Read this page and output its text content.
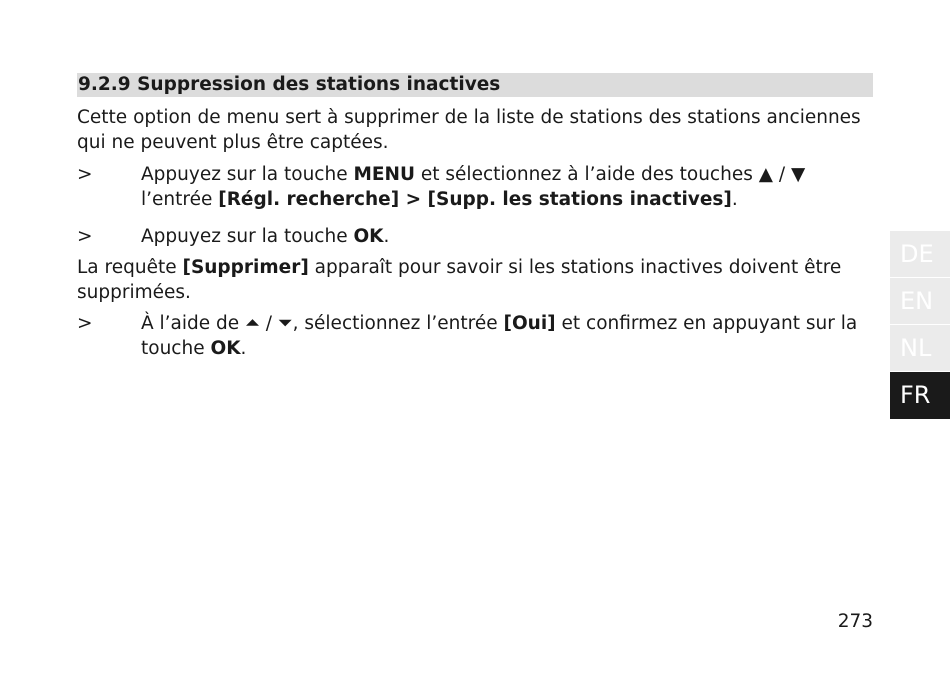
9.2.9 Suppression des stations inactives

Cette option de menu sert à supprimer de la liste de stations des stations anciennes qui ne peuvent plus être captées.

>	Appuyez sur la touche MENU et sélectionnez à l’aide des touches ▲ / ▼ l’entrée [Régl. recherche] > [Supp. les stations inactives].
>	Appuyez sur la touche OK.

La requête [Supprimer] apparaît pour savoir si les stations inactives doivent être supprimées.

>	À l’aide de ⏶ / ⏷, sélectionnez l’entrée [Oui] et confirmez en appuyant sur la touche OK.
DE
EN
NL
FR
273
